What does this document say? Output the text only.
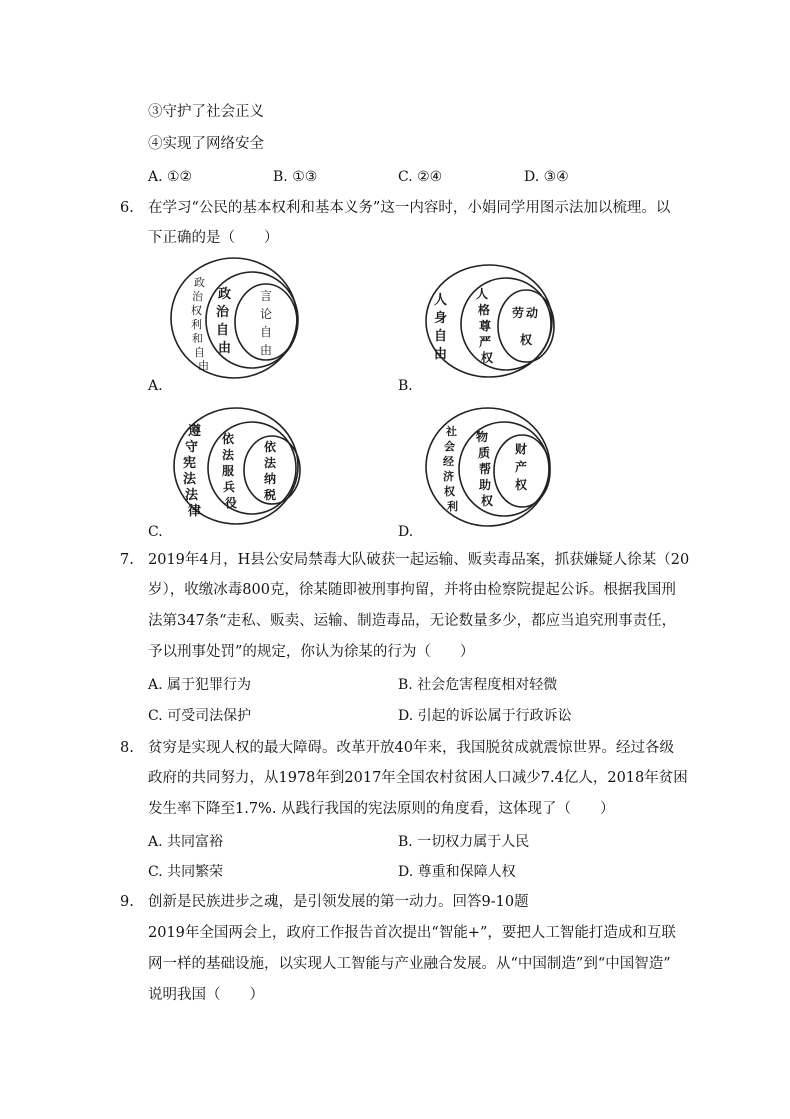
③守护了社会正义
④实现了网络安全
A. ①②	B. ①③	C. ②④	D. ③④
6. 在学习“公民的基本权利和基本义务”这一内容时，小娟同学用图示法加以梳理。以
下正确的是（　　）
A.
政
治
权
利
和
自
由
政
治
自
由
言
论
自
由
B.
人
身
自
由
人
格
尊
严
权
劳 动
权
C.
遵
守
宪
法
法
律
依
法
服
兵
役
依
法
纳
税
D.
社
会
经
济
权
利
物
质
帮
助
权
财
产
权
7. 2019年4月，H县公安局禁毒大队破获一起运输、贩卖毒品案，抓获嫌疑人徐某（20
岁），收缴冰毒800克，徐某随即被刑事拘留，并将由检察院提起公诉。根据我国刑
法第347条“走私、贩卖、运输、制造毒品，无论数量多少，都应当追究刑事责任，
予以刑事处罚”的规定，你认为徐某的行为（　　）
A. 属于犯罪行为	B. 社会危害程度相对轻微
C. 可受司法保护	D. 引起的诉讼属于行政诉讼
8. 贫穷是实现人权的最大障碍。改革开放40年来，我国脱贫成就震惊世界。经过各级
政府的共同努力，从1978年到2017年全国农村贫困人口减少7.4亿人，2018年贫困
发生率下降至1.7%. 从践行我国的宪法原则的角度看，这体现了（　　）
A. 共同富裕	B. 一切权力属于人民
C. 共同繁荣	D. 尊重和保障人权
9. 创新是民族进步之魂，是引领发展的第一动力。回答9-10题
2019年全国两会上，政府工作报告首次提出“智能+”，要把人工智能打造成和互联
网一样的基础设施，以实现人工智能与产业融合发展。从“中国制造”到“中国智造”
说明我国（　　）
